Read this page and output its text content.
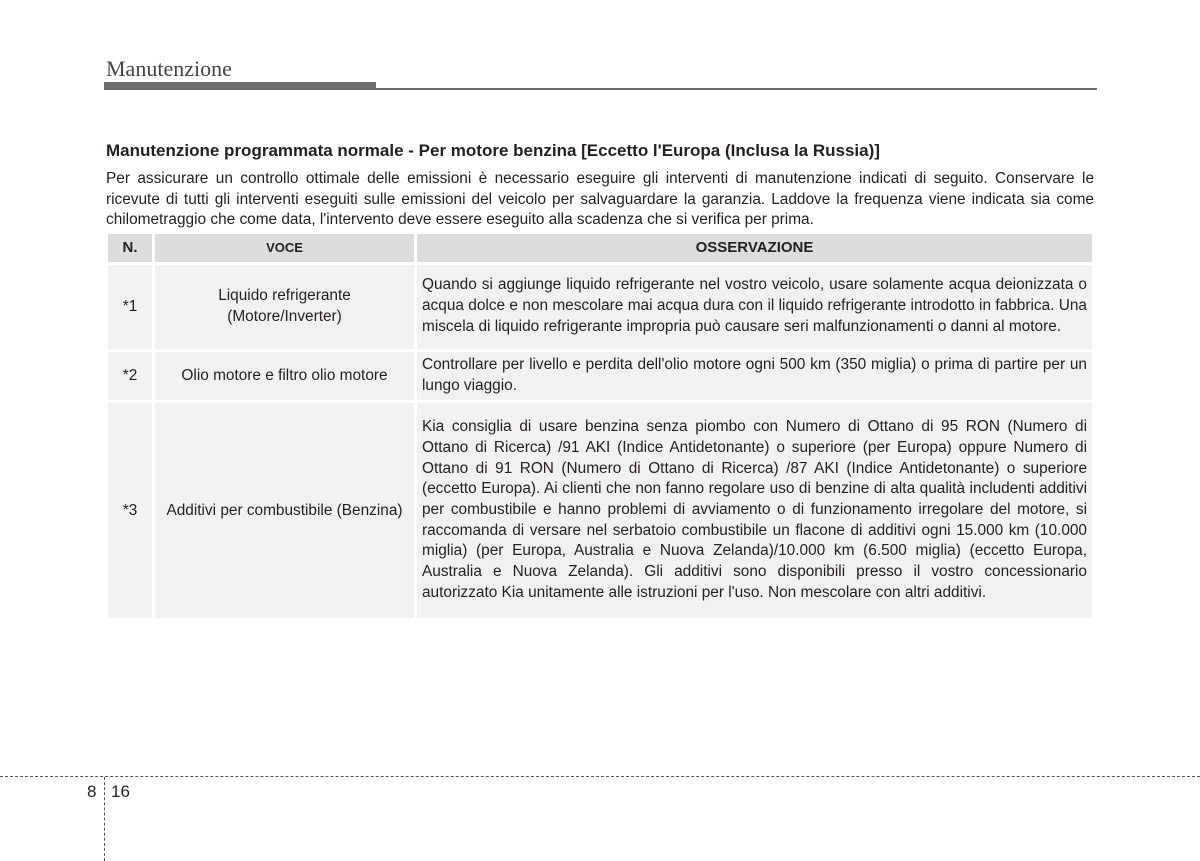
Manutenzione
Manutenzione programmata normale - Per motore benzina [Eccetto l'Europa (Inclusa la Russia)]
Per assicurare un controllo ottimale delle emissioni è necessario eseguire gli interventi di manutenzione indicati di seguito. Conservare le ricevute di tutti gli interventi eseguiti sulle emissioni del veicolo per salvaguardare la garanzia. Laddove la frequenza viene indicata sia come chilometraggio che come data, l'intervento deve essere eseguito alla scadenza che si verifica per prima.
N.	VOCE	OSSERVAZIONE
*1	Liquido refrigerante (Motore/Inverter)	Quando si aggiunge liquido refrigerante nel vostro veicolo, usare solamente acqua deionizzata o acqua dolce e non mescolare mai acqua dura con il liquido refrigerante introdotto in fabbrica. Una miscela di liquido refrigerante impropria può causare seri malfunzionamenti o danni al motore.
*2	Olio motore e filtro olio motore	Controllare per livello e perdita dell'olio motore ogni 500 km (350 miglia) o prima di partire per un lungo viaggio.
*3	Additivi per combustibile (Benzina)	Kia consiglia di usare benzina senza piombo con Numero di Ottano di 95 RON (Numero di Ottano di Ricerca) /91 AKI (Indice Antidetonante) o superiore (per Europa) oppure Numero di Ottano di 91 RON (Numero di Ottano di Ricerca) /87 AKI (Indice Antidetonante) o superiore (eccetto Europa). Ai clienti che non fanno regolare uso di benzine di alta qualità includenti additivi per combustibile e hanno problemi di avviamento o di funzionamento irregolare del motore, si raccomanda di versare nel serbatoio combustibile un flacone di additivi ogni 15.000 km (10.000 miglia) (per Europa, Australia e Nuova Zelanda)/10.000 km (6.500 miglia) (eccetto Europa, Australia e Nuova Zelanda). Gli additivi sono disponibili presso il vostro concessionario autorizzato Kia unitamente alle istruzioni per l'uso. Non mescolare con altri additivi.
8 16
